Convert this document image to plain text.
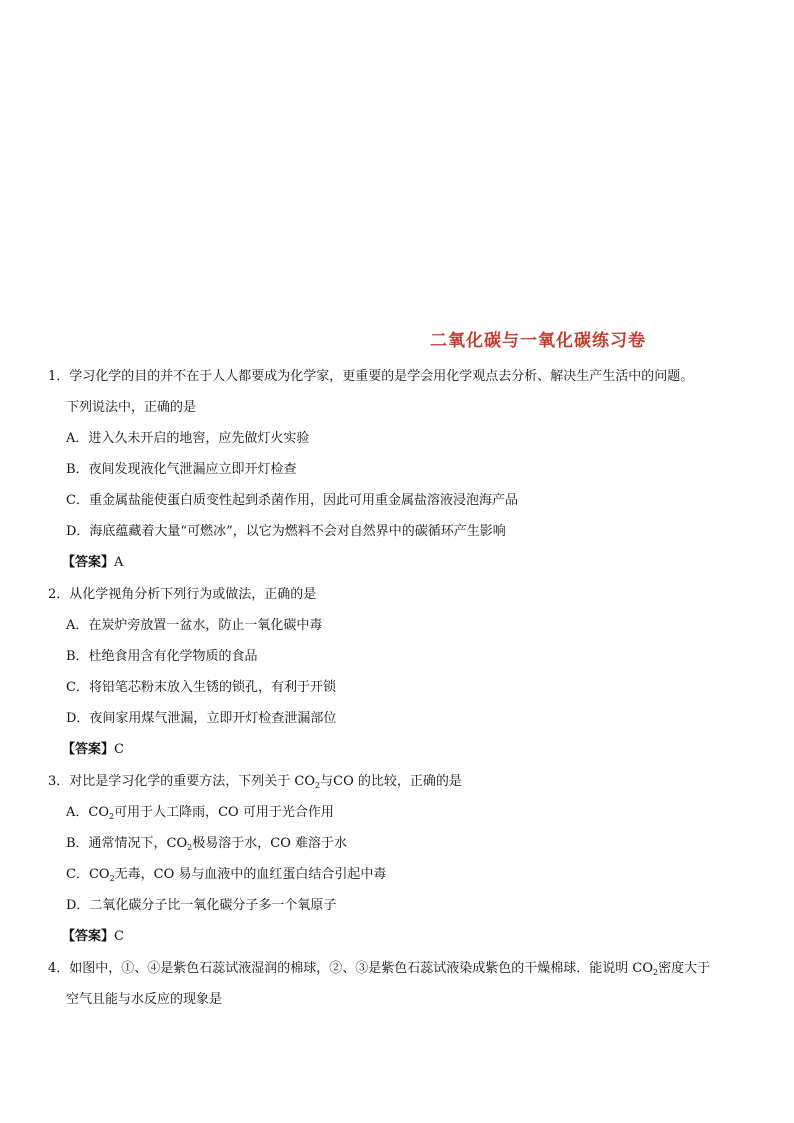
二氧化碳与一氧化碳练习卷
1．学习化学的目的并不在于人人都要成为化学家，更重要的是学会用化学观点去分析、解决生产生活中的问题。
下列说法中，正确的是
A．进入久未开启的地窖，应先做灯火实验
B．夜间发现液化气泄漏应立即开灯检查
C．重金属盐能使蛋白质变性起到杀菌作用，因此可用重金属盐溶液浸泡海产品
D．海底蕴藏着大量“可燃冰”，以它为燃料不会对自然界中的碳循环产生影响
【答案】A
2．从化学视角分析下列行为或做法，正确的是
A．在炭炉旁放置一盆水，防止一氧化碳中毒
B．杜绝食用含有化学物质的食品
C．将铅笔芯粉末放入生锈的锁孔，有利于开锁
D．夜间家用煤气泄漏，立即开灯检查泄漏部位
【答案】C
3．对比是学习化学的重要方法，下列关于 $CO_2$与CO 的比较，正确的是
A．$CO_2$可用于人工降雨，CO 可用于光合作用
B．通常情况下，$CO_2$极易溶于水，CO 难溶于水
C．$CO_2$无毒，CO 易与血液中的血红蛋白结合引起中毒
D．二氧化碳分子比一氧化碳分子多一个氧原子
【答案】C
4．如图中，①、④是紫色石蕊试液湿润的棉球，②、③是紫色石蕊试液染成紫色的干燥棉球．能说明 $CO_2$密度大于
空气且能与水反应的现象是
